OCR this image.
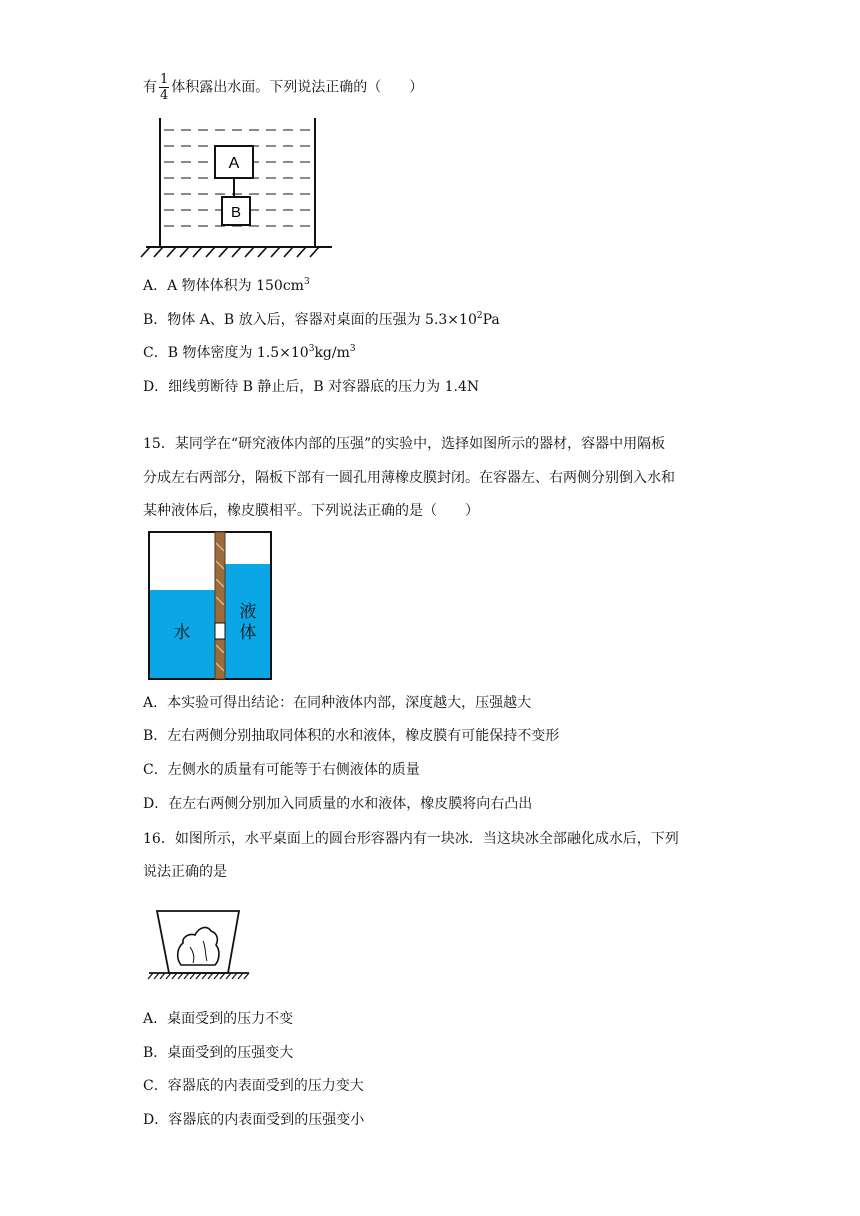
有 $\frac{1}{4}$ 体积露出水面。下列说法正确的（　　）
A
B
A．A 物体体积为 $150cm^3$
B．物体 A、B 放入后，容器对桌面的压强为 $5.3\times 10^2Pa$
C．B 物体密度为 $1.5\times 10^3kg/m^3$
D．细线剪断待 B 静止后，B 对容器底的压力为 1.4N
15．某同学在“研究液体内部的压强”的实验中，选择如图所示的器材，容器中用隔板
分成左右两部分，隔板下部有一圆孔用薄橡皮膜封闭。在容器左、右两侧分别倒入水和
某种液体后，橡皮膜相平。下列说法正确的是（　　）
水
液
体
A．本实验可得出结论：在同种液体内部，深度越大，压强越大
B．左右两侧分别抽取同体积的水和液体，橡皮膜有可能保持不变形
C．左侧水的质量有可能等于右侧液体的质量
D．在左右两侧分别加入同质量的水和液体，橡皮膜将向右凸出
16．如图所示，水平桌面上的圆台形容器内有一块冰．当这块冰全部融化成水后，下列
说法正确的是
A．桌面受到的压力不变
B．桌面受到的压强变大
C．容器底的内表面受到的压力变大
D．容器底的内表面受到的压强变小
